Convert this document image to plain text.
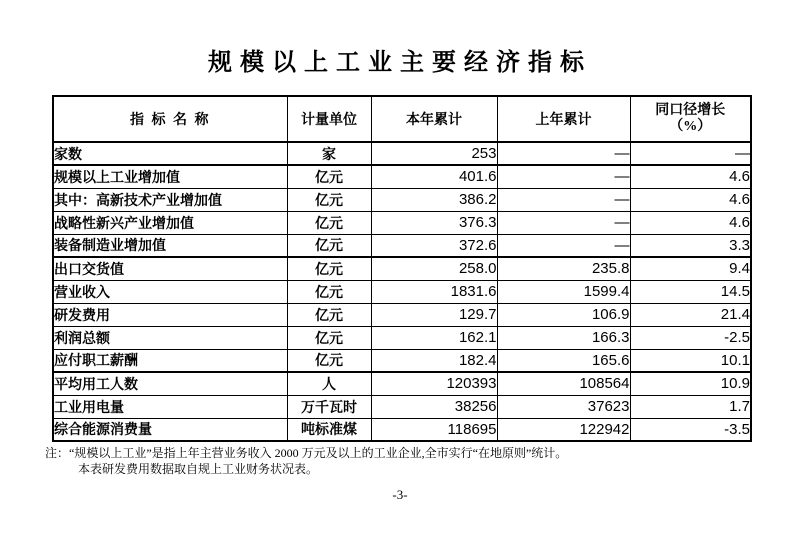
规模以上工业主要经济指标
指 标 名 称	计量单位	本年累计	上年累计	同口径增长
（%）

家数	家	253	—	—
规模以上工业增加值	亿元	401.6	—	4.6
其中：高新技术产业增加值	亿元	386.2	—	4.6
战略性新兴产业增加值	亿元	376.3	—	4.6
装备制造业增加值	亿元	372.6	—	3.3
出口交货值	亿元	258.0	235.8	9.4
营业收入	亿元	1831.6	1599.4	14.5
研发费用	亿元	129.7	106.9	21.4
利润总额	亿元	162.1	166.3	-2.5
应付职工薪酬	亿元	182.4	165.6	10.1
平均用工人数	人	120393	108564	10.9
工业用电量	万千瓦时	38256	37623	1.7
综合能源消费量	吨标准煤	118695	122942	-3.5
注：“规模以上工业”是指上年主营业务收入 2000 万元及以上的工业企业,全市实行“在地原则”统计。
本表研发费用数据取自规上工业财务状况表。
-3-
